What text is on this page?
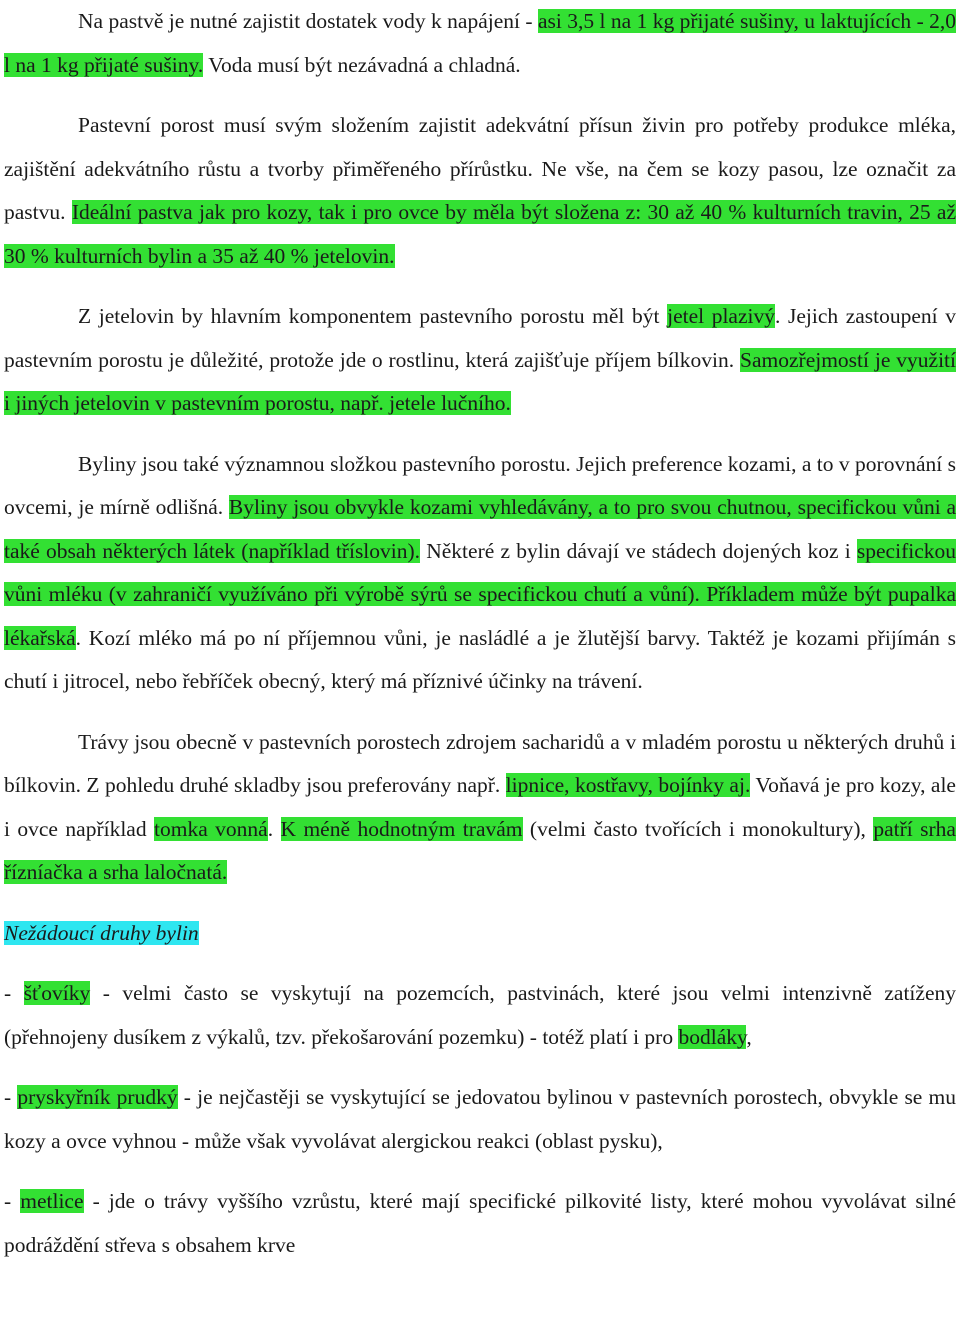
Na pastvě je nutné zajistit dostatek vody k napájení - asi 3,5 l na 1 kg přijaté sušiny, u laktujících - 2,0 l na 1 kg přijaté sušiny. Voda musí být nezávadná a chladná.

Pastevní porost musí svým složením zajistit adekvátní přísun živin pro potřeby produkce mléka, zajištění adekvátního růstu a tvorby přiměřeného přírůstku. Ne vše, na čem se kozy pasou, lze označit za pastvu. Ideální pastva jak pro kozy, tak i pro ovce by měla být složena z: 30 až 40 % kulturních travin, 25 až 30 % kulturních bylin a 35 až 40 % jetelovin.

Z jetelovin by hlavním komponentem pastevního porostu měl být jetel plazivý. Jejich zastoupení v pastevním porostu je důležité, protože jde o rostlinu, která zajišťuje příjem bílkovin. Samozřejmostí je využití i jiných jetelovin v pastevním porostu, např. jetele lučního.

Byliny jsou také významnou složkou pastevního porostu. Jejich preference kozami, a to v porovnání s ovcemi, je mírně odlišná. Byliny jsou obvykle kozami vyhledávány, a to pro svou chutnou, specifickou vůni a také obsah některých látek (například tříslovin). Některé z bylin dávají ve stádech dojených koz i specifickou vůni mléku (v zahraničí využíváno při výrobě sýrů se specifickou chutí a vůní). Příkladem může být pupalka lékařská. Kozí mléko má po ní příjemnou vůni, je nasládlé a je žlutější barvy. Taktéž je kozami přijímán s chutí i jitrocel, nebo řebříček obecný, který má příznivé účinky na trávení.

Trávy jsou obecně v pastevních porostech zdrojem sacharidů a v mladém porostu u některých druhů i bílkovin. Z pohledu druhé skladby jsou preferovány např. lipnice, kostřavy, bojínky aj. Voňavá je pro kozy, ale i ovce například tomka vonná. K méně hodnotným travám (velmi často tvořících i monokultury), patří srha řízníačka a srha laločnatá.

Nežádoucí druhy bylin

- šťovíky - velmi často se vyskytují na pozemcích, pastvinách, které jsou velmi intenzivně zatíženy (přehnojeny dusíkem z výkalů, tzv. překošarování pozemku) - totéž platí i pro bodláky,

- pryskyřník prudký - je nejčastěji se vyskytující se jedovatou bylinou v pastevních porostech, obvykle se mu kozy a ovce vyhnou - může však vyvolávat alergickou reakci (oblast pysku),

- metlice - jde o trávy vyššího vzrůstu, které mají specifické pilkovité listy, které mohou vyvolávat silné podráždění střeva s obsahem krve
